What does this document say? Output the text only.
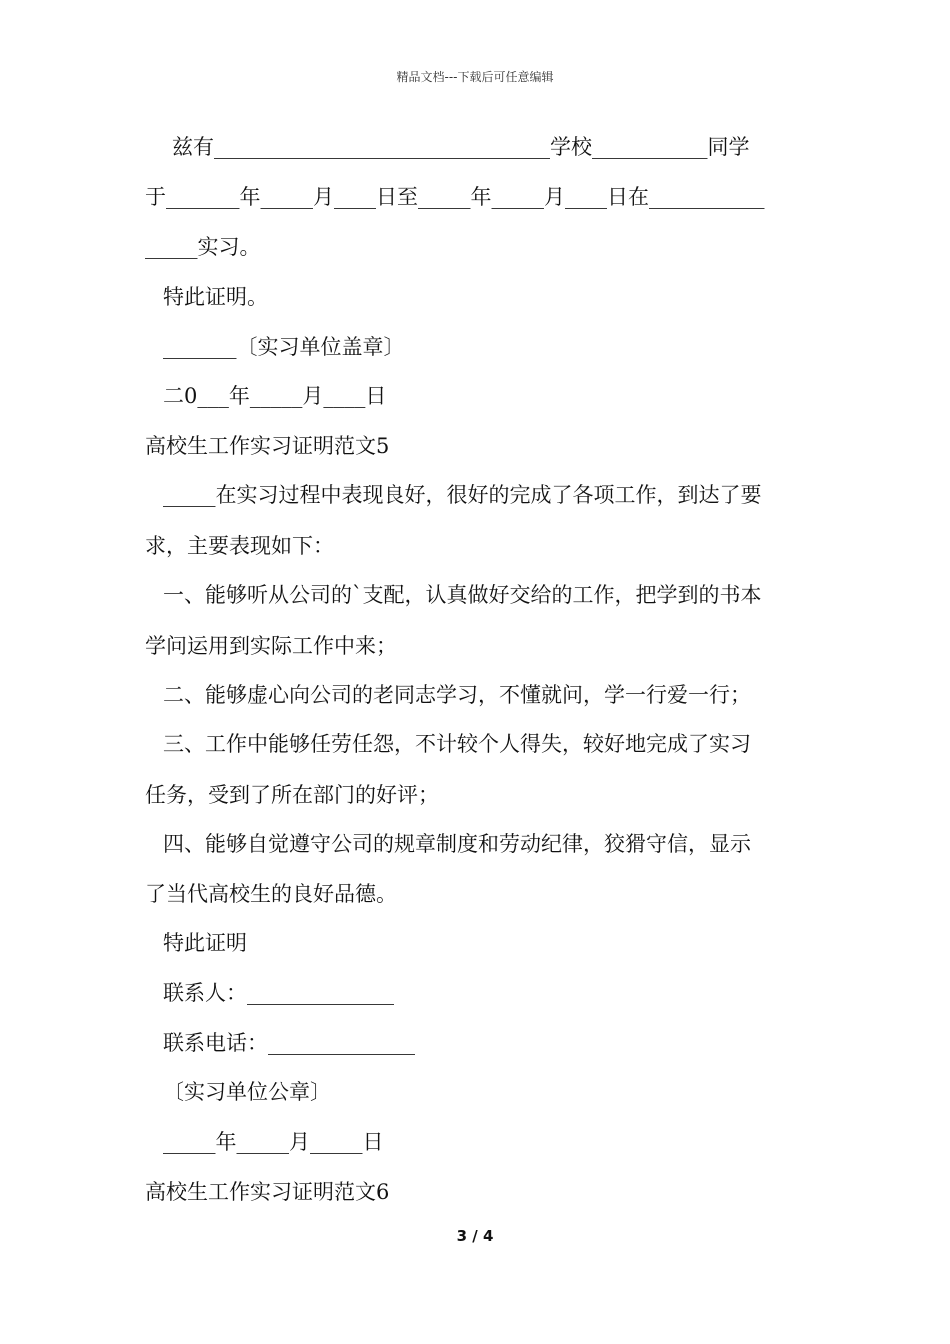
精品文档---下载后可任意编辑
兹有________________________________学校___________同学
于_______年_____月____日至_____年_____月____日在___________
_____实习。
特此证明。
_______〔实习单位盖章〕
二0___年_____月____日
高校生工作实习证明范文5
_____在实习过程中表现良好，很好的完成了各项工作，到达了要
求，主要表现如下：
一、能够听从公司的`支配，认真做好交给的工作，把学到的书本
学问运用到实际工作中来；
二、能够虚心向公司的老同志学习，不懂就问，学一行爱一行；
三、工作中能够任劳任怨，不计较个人得失，较好地完成了实习
任务，受到了所在部门的好评；
四、能够自觉遵守公司的规章制度和劳动纪律，狡猾守信，显示
了当代高校生的良好品德。
特此证明
联系人：______________
联系电话：______________
〔实习单位公章〕
_____年_____月_____日
高校生工作实习证明范文6
3 / 4
